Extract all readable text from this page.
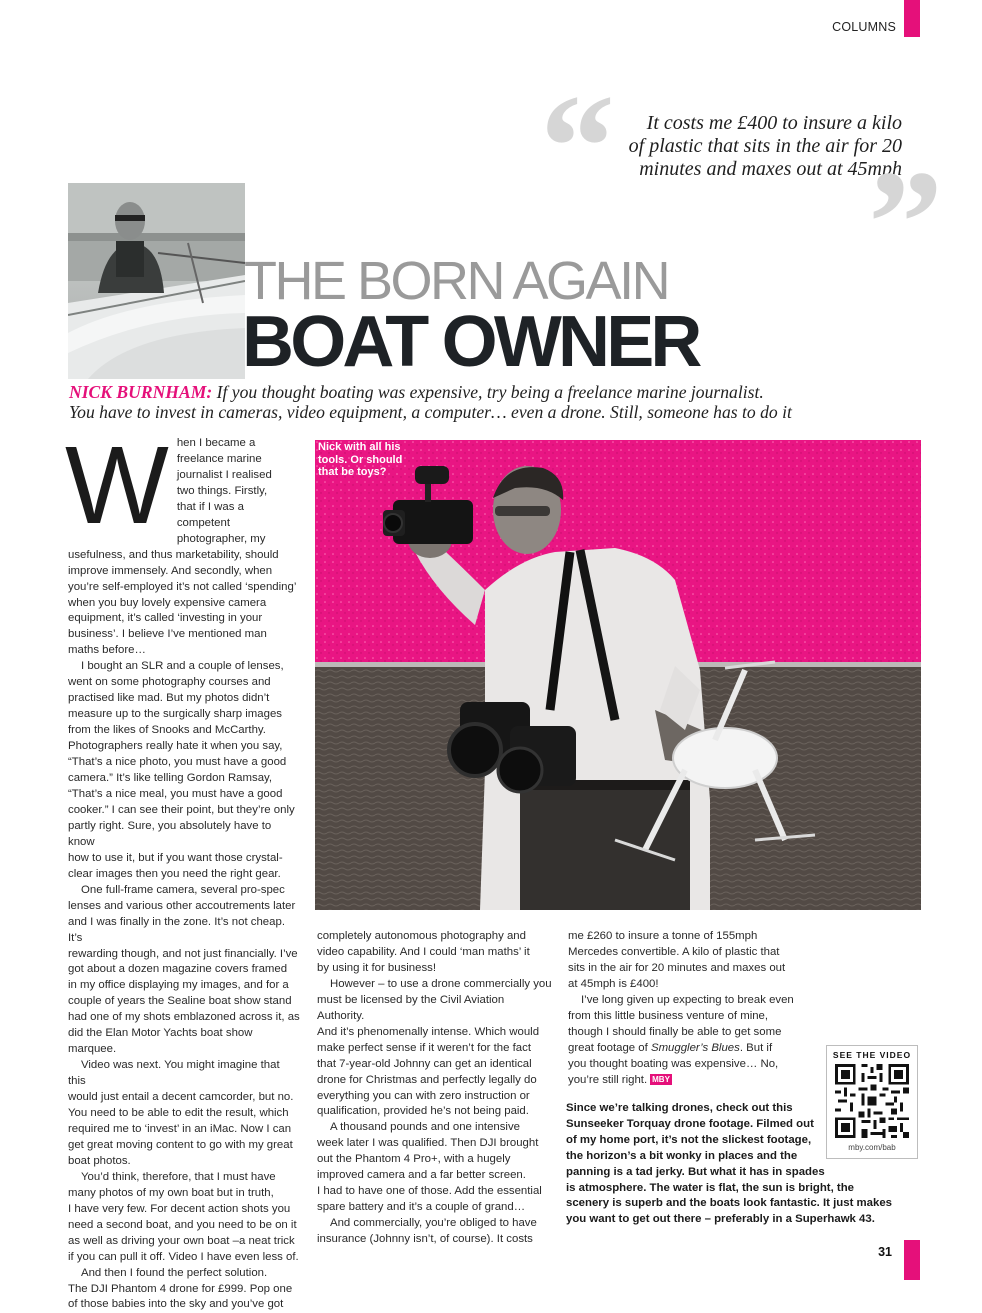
COLUMNS
“	It costs me £400 to insure a kilo
of plastic that sits in the air for 20
minutes and maxes out at 45mph
”
THE BORN AGAIN
BOAT OWNER
NICK BURNHAM: If you thought boating was expensive, try being a freelance marine journalist.
You have to invest in cameras, video equipment, a computer… even a drone. Still, someone has to do it
W hen I became a
freelance marine
journalist I realised
two things. Firstly,
that if I was a competent
photographer, my
usefulness, and thus marketability, should
improve immensely. And secondly, when
you’re self-employed it’s not called ‘spending’
when you buy lovely expensive camera
equipment, it’s called ‘investing in your
business’. I believe I’ve mentioned man
maths before…
I bought an SLR and a couple of lenses,
went on some photography courses and
practised like mad. But my photos didn’t
measure up to the surgically sharp images
from the likes of Snooks and McCarthy.
Photographers really hate it when you say,
“That’s a nice photo, you must have a good
camera.” It’s like telling Gordon Ramsay,
“That’s a nice meal, you must have a good
cooker.” I can see their point, but they’re only
partly right. Sure, you absolutely have to know
how to use it, but if you want those crystal-
clear images then you need the right gear.
One full-frame camera, several pro-spec
lenses and various other accoutrements later
and I was finally in the zone. It’s not cheap. It’s
rewarding though, and not just financially. I’ve
got about a dozen magazine covers framed
in my office displaying my images, and for a
couple of years the Sealine boat show stand
had one of my shots emblazoned across it, as
did the Elan Motor Yachts boat show marquee.
Video was next. You might imagine that this
would just entail a decent camcorder, but no.
You need to be able to edit the result, which
required me to ‘invest’ in an iMac. Now I can
get great moving content to go with my great
boat photos.
You’d think, therefore, that I must have
many photos of my own boat but in truth,
I have very few. For decent action shots you
need a second boat, and you need to be on it
as well as driving your own boat –a neat trick
if you can pull it off. Video I have even less of.
And then I found the perfect solution.
The DJI Phantom 4 drone for £999. Pop one
of those babies into the sky and you’ve got
Nick with all his
tools. Or should
that be toys?
completely autonomous photography and
video capability. And I could ‘man maths’ it
by using it for business!
However – to use a drone commercially you
must be licensed by the Civil Aviation Authority.
And it’s phenomenally intense. Which would
make perfect sense if it weren’t for the fact
that 7-year-old Johnny can get an identical
drone for Christmas and perfectly legally do
everything you can with zero instruction or
qualification, provided he’s not being paid.
A thousand pounds and one intensive
week later I was qualified. Then DJI brought
out the Phantom 4 Pro+, with a hugely
improved camera and a far better screen.
I had to have one of those. Add the essential
spare battery and it’s a couple of grand…
And commercially, you’re obliged to have
insurance (Johnny isn’t, of course). It costs
me £260 to insure a tonne of 155mph
Mercedes convertible. A kilo of plastic that
sits in the air for 20 minutes and maxes out
at 45mph is £400!
I’ve long given up expecting to break even
from this little business venture of mine,
though I should finally be able to get some
great footage of Smuggler’s Blues. But if
you thought boating was expensive… No,
you’re still right. MBY
Since we’re talking drones, check out this
Sunseeker Torquay drone footage. Filmed out
of my home port, it’s not the slickest footage,
the horizon’s a bit wonky in places and the
panning is a tad jerky. But what it has in spades
is atmosphere. The water is flat, the sun is bright, the
scenery is superb and the boats look fantastic. It just makes
you want to get out there – preferably in a Superhawk 43.
SEE THE VIDEO
mby.com/bab
31
